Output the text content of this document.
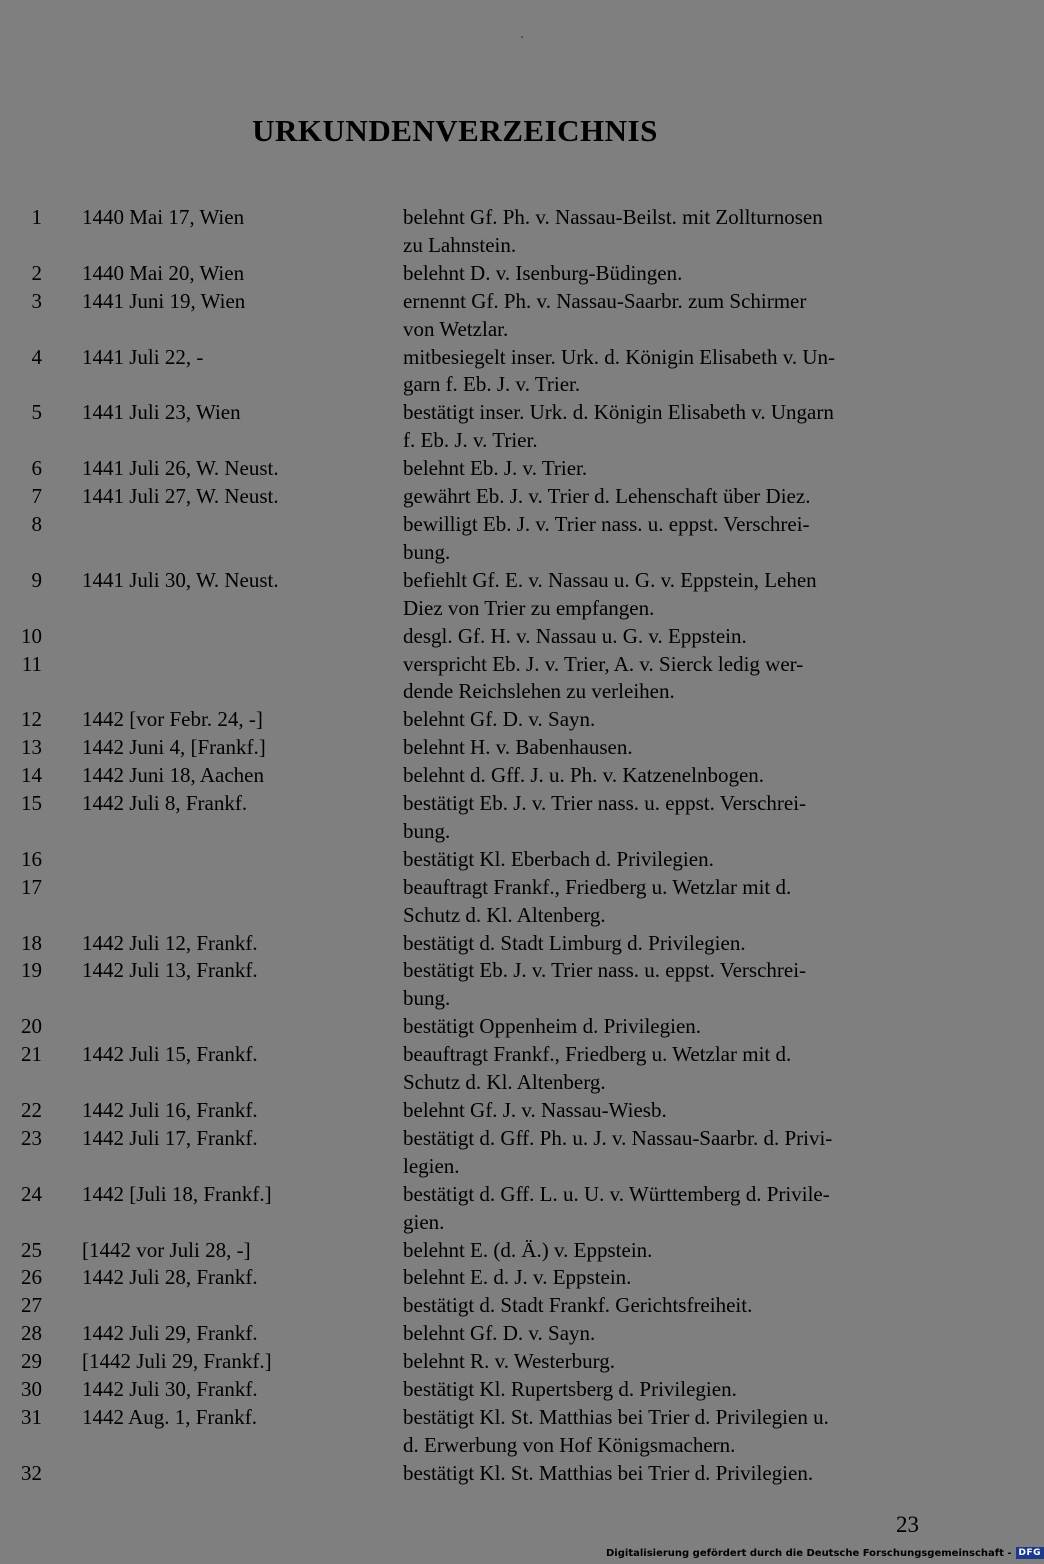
URKUNDENVERZEICHNIS
1 1440 Mai 17, Wien	belehnt Gf. Ph. v. Nassau-Beilst. mit Zollturnosen
zu Lahnstein.
2 1440 Mai 20, Wien	belehnt D. v. Isenburg-Büdingen.
3 1441 Juni 19, Wien	ernennt Gf. Ph. v. Nassau-Saarbr. zum Schirmer
von Wetzlar.
4 1441 Juli 22, -	mitbesiegelt inser. Urk. d. Königin Elisabeth v. Un-
garn f. Eb. J. v. Trier.
5 1441 Juli 23, Wien	bestätigt inser. Urk. d. Königin Elisabeth v. Ungarn
f. Eb. J. v. Trier.
6 1441 Juli 26, W. Neust.	belehnt Eb. J. v. Trier.
7 1441 Juli 27, W. Neust.	gewährt Eb. J. v. Trier d. Lehenschaft über Diez.
8	bewilligt Eb. J. v. Trier nass. u. eppst. Verschrei-
bung.
9 1441 Juli 30, W. Neust.	befiehlt Gf. E. v. Nassau u. G. v. Eppstein, Lehen
Diez von Trier zu empfangen.
10	desgl. Gf. H. v. Nassau u. G. v. Eppstein.
11	verspricht Eb. J. v. Trier, A. v. Sierck ledig wer-
dende Reichslehen zu verleihen.
12 1442 [vor Febr. 24, -]	belehnt Gf. D. v. Sayn.
13 1442 Juni 4, [Frankf.]	belehnt H. v. Babenhausen.
14 1442 Juni 18, Aachen	belehnt d. Gff. J. u. Ph. v. Katzenelnbogen.
15 1442 Juli 8, Frankf.	bestätigt Eb. J. v. Trier nass. u. eppst. Verschrei-
bung.
16	bestätigt Kl. Eberbach d. Privilegien.
17	beauftragt Frankf., Friedberg u. Wetzlar mit d.
Schutz d. Kl. Altenberg.
18 1442 Juli 12, Frankf.	bestätigt d. Stadt Limburg d. Privilegien.
19 1442 Juli 13, Frankf.	bestätigt Eb. J. v. Trier nass. u. eppst. Verschrei-
bung.
20	bestätigt Oppenheim d. Privilegien.
21 1442 Juli 15, Frankf.	beauftragt Frankf., Friedberg u. Wetzlar mit d.
Schutz d. Kl. Altenberg.
22 1442 Juli 16, Frankf.	belehnt Gf. J. v. Nassau-Wiesb.
23 1442 Juli 17, Frankf.	bestätigt d. Gff. Ph. u. J. v. Nassau-Saarbr. d. Privi-
legien.
24 1442 [Juli 18, Frankf.]	bestätigt d. Gff. L. u. U. v. Württemberg d. Privile-
gien.
25 [1442 vor Juli 28, -]	belehnt E. (d. Ä.) v. Eppstein.
26 1442 Juli 28, Frankf.	belehnt E. d. J. v. Eppstein.
27	bestätigt d. Stadt Frankf. Gerichtsfreiheit.
28 1442 Juli 29, Frankf.	belehnt Gf. D. v. Sayn.
29 [1442 Juli 29, Frankf.]	belehnt R. v. Westerburg.
30 1442 Juli 30, Frankf.	bestätigt Kl. Rupertsberg d. Privilegien.
31 1442 Aug. 1, Frankf.	bestätigt Kl. St. Matthias bei Trier d. Privilegien u.
d. Erwerbung von Hof Königsmachern.
32	bestätigt Kl. St. Matthias bei Trier d. Privilegien.
23
Digitalisierung gefördert durch die Deutsche Forschungsgemeinschaft - DFG
